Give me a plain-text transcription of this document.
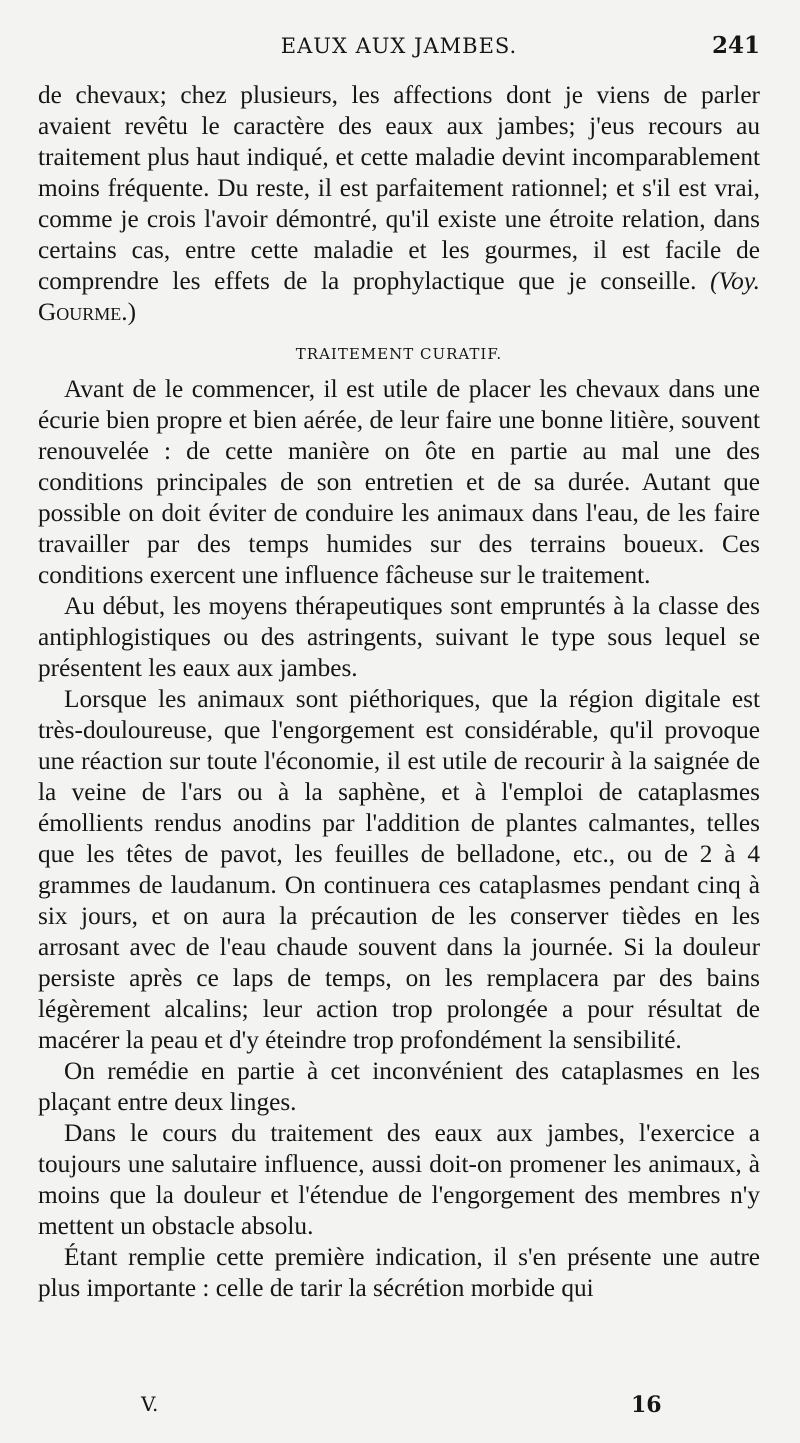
EAUX AUX JAMBES.	241

de chevaux; chez plusieurs, les affections dont je viens de parler avaient revêtu le caractère des eaux aux jambes; j'eus recours au traitement plus haut indiqué, et cette maladie devint incomparablement moins fréquente. Du reste, il est parfaitement rationnel; et s'il est vrai, comme je crois l'avoir démontré, qu'il existe une étroite relation, dans certains cas, entre cette maladie et les gourmes, il est facile de comprendre les effets de la prophylactique que je conseille. (Voy. Gourme.)

TRAITEMENT CURATIF.

Avant de le commencer, il est utile de placer les chevaux dans une écurie bien propre et bien aérée, de leur faire une bonne litière, souvent renouvelée : de cette manière on ôte en partie au mal une des conditions principales de son entretien et de sa durée. Autant que possible on doit éviter de conduire les animaux dans l'eau, de les faire travailler par des temps humides sur des terrains boueux. Ces conditions exercent une influence fâcheuse sur le traitement.

Au début, les moyens thérapeutiques sont empruntés à la classe des antiphlogistiques ou des astringents, suivant le type sous lequel se présentent les eaux aux jambes.

Lorsque les animaux sont piéthoriques, que la région digitale est très-douloureuse, que l'engorgement est considérable, qu'il provoque une réaction sur toute l'économie, il est utile de recourir à la saignée de la veine de l'ars ou à la saphène, et à l'emploi de cataplasmes émollients rendus anodins par l'addition de plantes calmantes, telles que les têtes de pavot, les feuilles de belladone, etc., ou de 2 à 4 grammes de laudanum. On continuera ces cataplasmes pendant cinq à six jours, et on aura la précaution de les conserver tièdes en les arrosant avec de l'eau chaude souvent dans la journée. Si la douleur persiste après ce laps de temps, on les remplacera par des bains légèrement alcalins; leur action trop prolongée a pour résultat de macérer la peau et d'y éteindre trop profondément la sensibilité.

On remédie en partie à cet inconvénient des cataplasmes en les plaçant entre deux linges.

Dans le cours du traitement des eaux aux jambes, l'exercice a toujours une salutaire influence, aussi doit-on promener les animaux, à moins que la douleur et l'étendue de l'engorgement des membres n'y mettent un obstacle absolu.

Étant remplie cette première indication, il s'en présente une autre plus importante : celle de tarir la sécrétion morbide qui

V.	16
